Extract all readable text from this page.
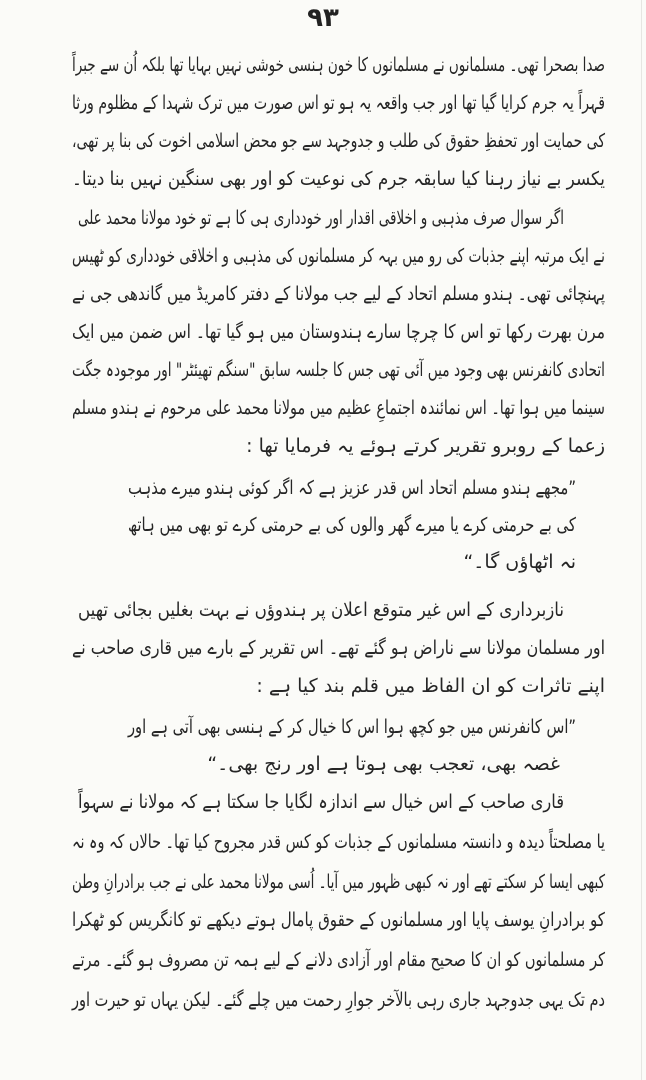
۹۳
صدا بصحرا تھی۔ مسلمانوں نے مسلمانوں کا خون ہنسی خوشی نہیں بہایا تھا بلکہ اُن سے جبراً
قہراً یہ جرم کرایا گیا تھا اور جب واقعہ یہ ہو تو اس صورت میں ترک شہدا کے مظلوم ورثا
کی حمایت اور تحفظِ حقوق کی طلب و جدوجہد سے جو محض اسلامی اخوت کی بنا پر تھی،
یکسر بے نیاز رہنا کیا سابقہ جرم کی نوعیت کو اور بھی سنگین نہیں بنا دیتا۔
اگر سوال صرف مذہبی و اخلاقی اقدار اور خودداری ہی کا ہے تو خود مولانا محمد علی
نے ایک مرتبہ اپنے جذبات کی رو میں بہہ کر مسلمانوں کی مذہبی و اخلاقی خودداری کو ٹھیس
پہنچائی تھی۔ ہندو مسلم اتحاد کے لیے جب مولانا کے دفتر کامریڈ میں گاندھی جی نے
مرن بھرت رکھا تو اس کا چرچا سارے ہندوستان میں ہو گیا تھا۔ اس ضمن میں ایک
اتحادی کانفرنس بھی وجود میں آئی تھی جس کا جلسہ سابق "سنگم تھیئٹر" اور موجودہ جگت
سینما میں ہوا تھا۔ اس نمائندہ اجتماعِ عظیم میں مولانا محمد علی مرحوم نے ہندو مسلم
زعما کے روبرو تقریر کرتے ہوئے یہ فرمایا تھا :
”مجھے ہندو مسلم اتحاد اس قدر عزیز ہے کہ اگر کوئی ہندو میرے مذہب
کی بے حرمتی کرے یا میرے گھر والوں کی بے حرمتی کرے تو بھی میں ہاتھ
نہ اٹھاؤں گا۔“
نازبرداری کے اس غیر متوقع اعلان پر ہندوؤں نے بہت بغلیں بجائی تھیں
اور مسلمان مولانا سے ناراض ہو گئے تھے۔ اس تقریر کے بارے میں قاری صاحب نے
اپنے تاثرات کو ان الفاظ میں قلم بند کیا ہے :
”اس کانفرنس میں جو کچھ ہوا اس کا خیال کر کے ہنسی بھی آتی ہے اور
غصہ بھی، تعجب بھی ہوتا ہے اور رنج بھی۔“
قاری صاحب کے اس خیال سے اندازہ لگایا جا سکتا ہے کہ مولانا نے سہواً
یا مصلحتاً دیدہ و دانستہ مسلمانوں کے جذبات کو کس قدر مجروح کیا تھا۔ حالاں کہ وہ نہ
کبھی ایسا کر سکتے تھے اور نہ کبھی ظہور میں آیا۔ اُسی مولانا محمد علی نے جب برادرانِ وطن
کو برادرانِ یوسف پایا اور مسلمانوں کے حقوق پامال ہوتے دیکھے تو کانگریس کو ٹھکرا
کر مسلمانوں کو ان کا صحیح مقام اور آزادی دلانے کے لیے ہمہ تن مصروف ہو گئے۔ مرتے
دم تک یہی جدوجہد جاری رہی بالآخر جوارِ رحمت میں چلے گئے۔ لیکن یہاں تو حیرت اور
